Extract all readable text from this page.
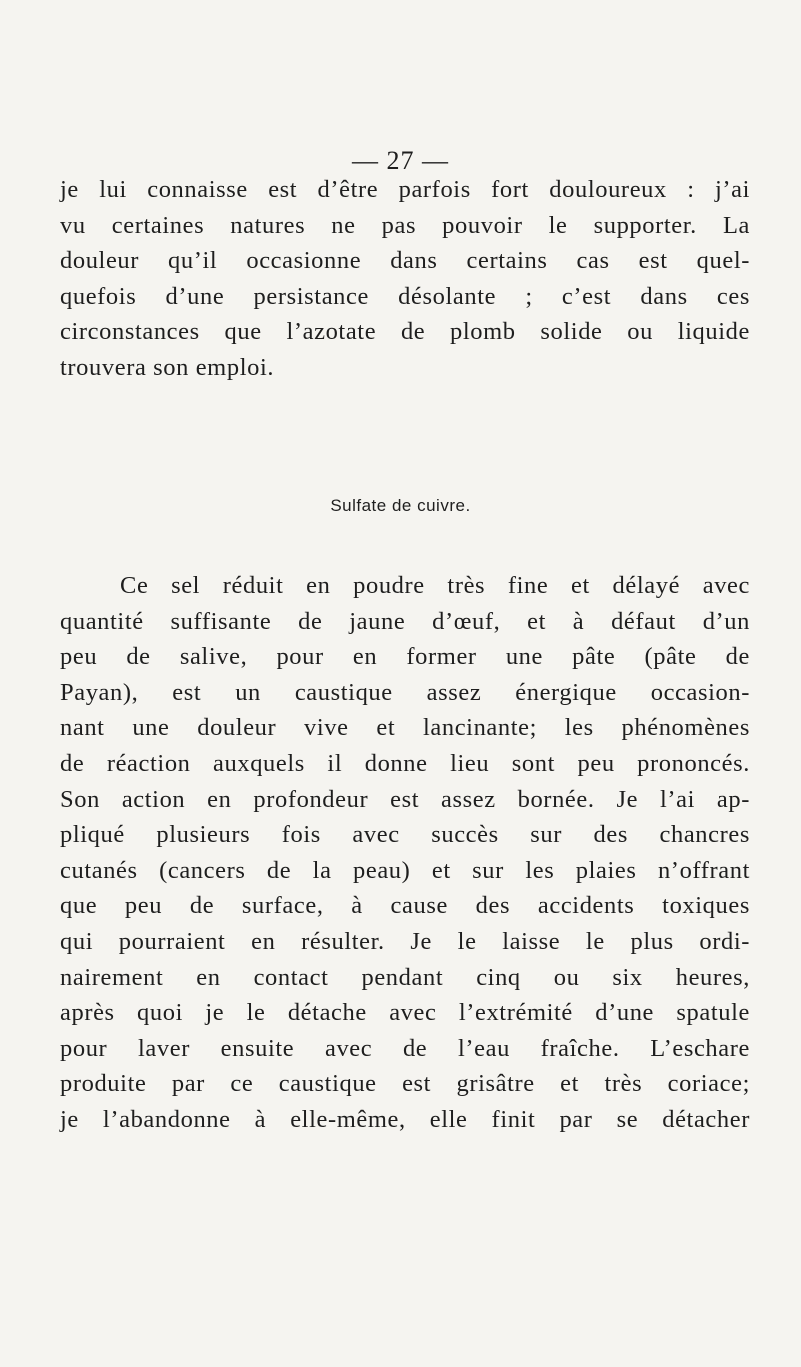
— 27 —
je lui connaisse est d’être parfois fort douloureux : j’ai
vu certaines natures ne pas pouvoir le supporter. La
douleur qu’il occasionne dans certains cas est quel-
quefois d’une persistance désolante ; c’est dans ces
circonstances que l’azotate de plomb solide ou liquide
trouvera son emploi.
Sulfate de cuivre.
Ce sel réduit en poudre très fine et délayé avec
quantité suffisante de jaune d’œuf, et à défaut d’un
peu de salive, pour en former une pâte (pâte de
Payan), est un caustique assez énergique occasion-
nant une douleur vive et lancinante; les phénomènes
de réaction auxquels il donne lieu sont peu prononcés.
Son action en profondeur est assez bornée. Je l’ai ap-
pliqué plusieurs fois avec succès sur des chancres
cutanés (cancers de la peau) et sur les plaies n’offrant
que peu de surface, à cause des accidents toxiques
qui pourraient en résulter. Je le laisse le plus ordi-
nairement en contact pendant cinq ou six heures,
après quoi je le détache avec l’extrémité d’une spatule
pour laver ensuite avec de l’eau fraîche. L’eschare
produite par ce caustique est grisâtre et très coriace;
je l’abandonne à elle-même, elle finit par se détacher
